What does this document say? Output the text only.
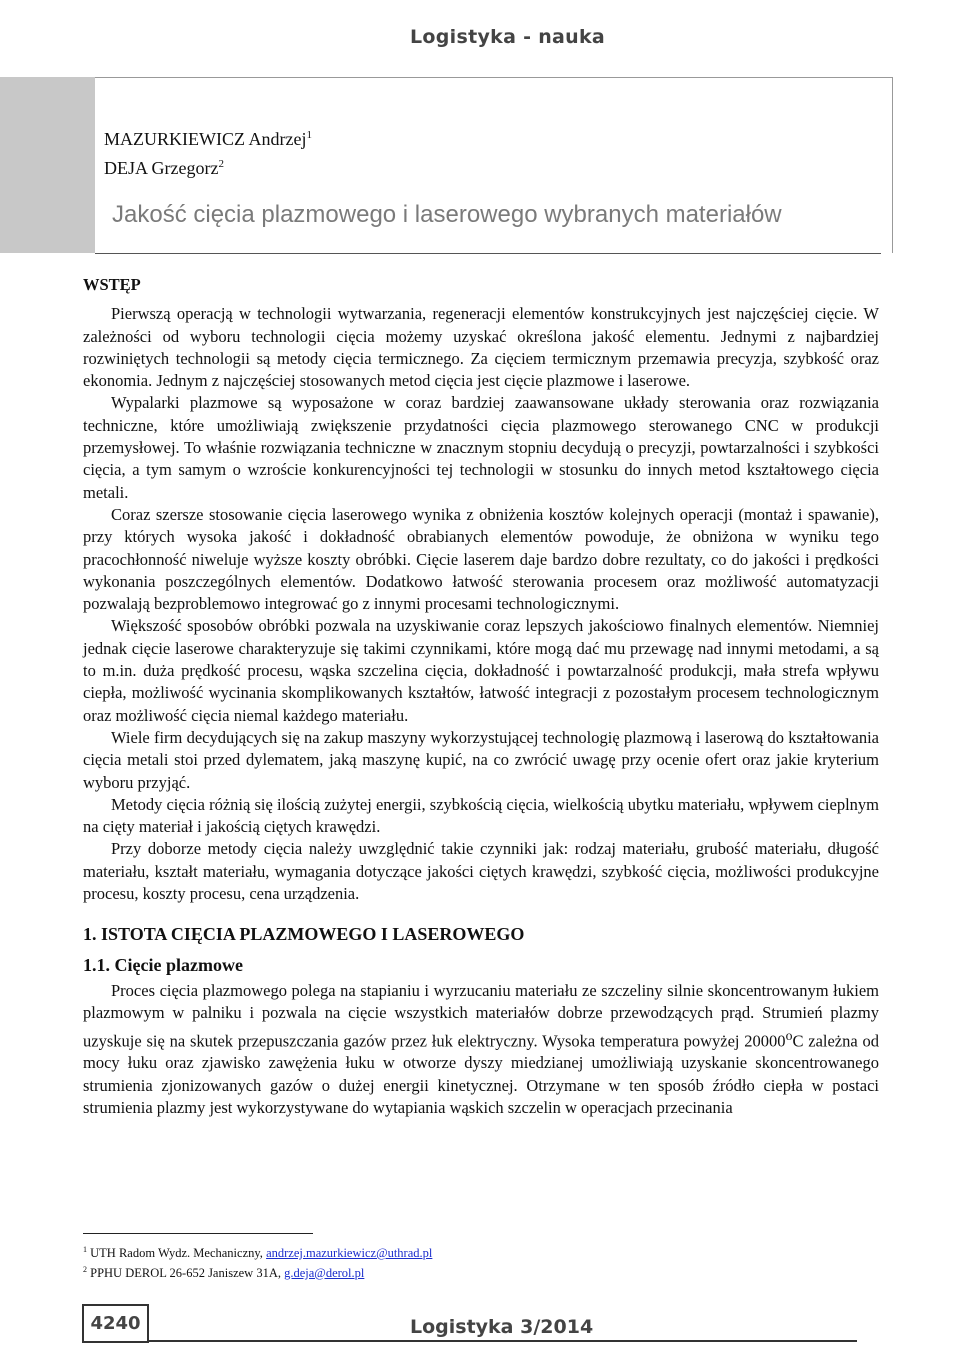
Logistyka - nauka
MAZURKIEWICZ Andrzej$^1$
DEJA Grzegorz$^2$
Jakość cięcia plazmowego i laserowego wybranych materiałów
WSTĘP

Pierwszą operacją w technologii wytwarzania, regeneracji elementów konstrukcyjnych jest najczęściej cięcie. W zależności od wyboru technologii cięcia możemy uzyskać określona jakość elementu. Jednymi z najbardziej rozwiniętych technologii są metody cięcia termicznego. Za cięciem termicznym przemawia precyzja, szybkość oraz ekonomia. Jednym z najczęściej stosowanych metod cięcia jest cięcie plazmowe i laserowe.

Wypalarki plazmowe są wyposażone w coraz bardziej zaawansowane układy sterowania oraz rozwiązania techniczne, które umożliwiają zwiększenie przydatności cięcia plazmowego sterowanego CNC w produkcji przemysłowej. To właśnie rozwiązania techniczne w znacznym stopniu decydują o precyzji, powtarzalności i szybkości cięcia, a tym samym o wzroście konkurencyjności tej technologii w stosunku do innych metod kształtowego cięcia metali.

Coraz szersze stosowanie cięcia laserowego wynika z obniżenia kosztów kolejnych operacji (montaż i spawanie), przy których wysoka jakość i dokładność obrabianych elementów powoduje, że obniżona w wyniku tego pracochłonność niweluje wyższe koszty obróbki. Cięcie laserem daje bardzo dobre rezultaty, co do jakości i prędkości wykonania poszczególnych elementów. Dodatkowo łatwość sterowania procesem oraz możliwość automatyzacji pozwalają bezproblemowo integrować go z innymi procesami technologicznymi.

Większość sposobów obróbki pozwala na uzyskiwanie coraz lepszych jakościowo finalnych elementów. Niemniej jednak cięcie laserowe charakteryzuje się takimi czynnikami, które mogą dać mu przewagę nad innymi metodami, a są to m.in. duża prędkość procesu, wąska szczelina cięcia, dokładność i powtarzalność produkcji, mała strefa wpływu ciepła, możliwość wycinania skomplikowanych kształtów, łatwość integracji z pozostałym procesem technologicznym oraz możliwość cięcia niemal każdego materiału.

Wiele firm decydujących się na zakup maszyny wykorzystującej technologię plazmową i laserową do kształtowania cięcia metali stoi przed dylematem, jaką maszynę kupić, na co zwrócić uwagę przy ocenie ofert oraz jakie kryterium wyboru przyjąć.

Metody cięcia różnią się ilością zużytej energii, szybkością cięcia, wielkością ubytku materiału, wpływem cieplnym na cięty materiał i jakością ciętych krawędzi.

Przy doborze metody cięcia należy uwzględnić takie czynniki jak: rodzaj materiału, grubość materiału, długość materiału, kształt materiału, wymagania dotyczące jakości ciętych krawędzi, szybkość cięcia, możliwości produkcyjne procesu, koszty procesu, cena urządzenia.

1. ISTOTA CIĘCIA PLAZMOWEGO I LASEROWEGO
1.1. Cięcie plazmowe

Proces cięcia plazmowego polega na stapianiu i wyrzucaniu materiału ze szczeliny silnie skoncentrowanym łukiem plazmowym w palniku i pozwala na cięcie wszystkich materiałów dobrze przewodzących prąd. Strumień plazmy uzyskuje się na skutek przepuszczania gazów przez łuk elektryczny. Wysoka temperatura powyżej 20000$^o$C zależna od mocy łuku oraz zjawisko zawężenia łuku w otworze dyszy miedzianej umożliwiają uzyskanie skoncentrowanego strumienia zjonizowanych gazów o dużej energii kinetycznej. Otrzymane w ten sposób źródło ciepła w postaci strumienia plazmy jest wykorzystywane do wytapiania wąskich szczelin w operacjach przecinania

$^1$ UTH Radom Wydz. Mechaniczny, andrzej.mazurkiewicz@uthrad.pl
$^2$ PPHU DEROL 26-652 Janiszew 31A, g.deja@derol.pl
4240	Logistyka 3/2014
